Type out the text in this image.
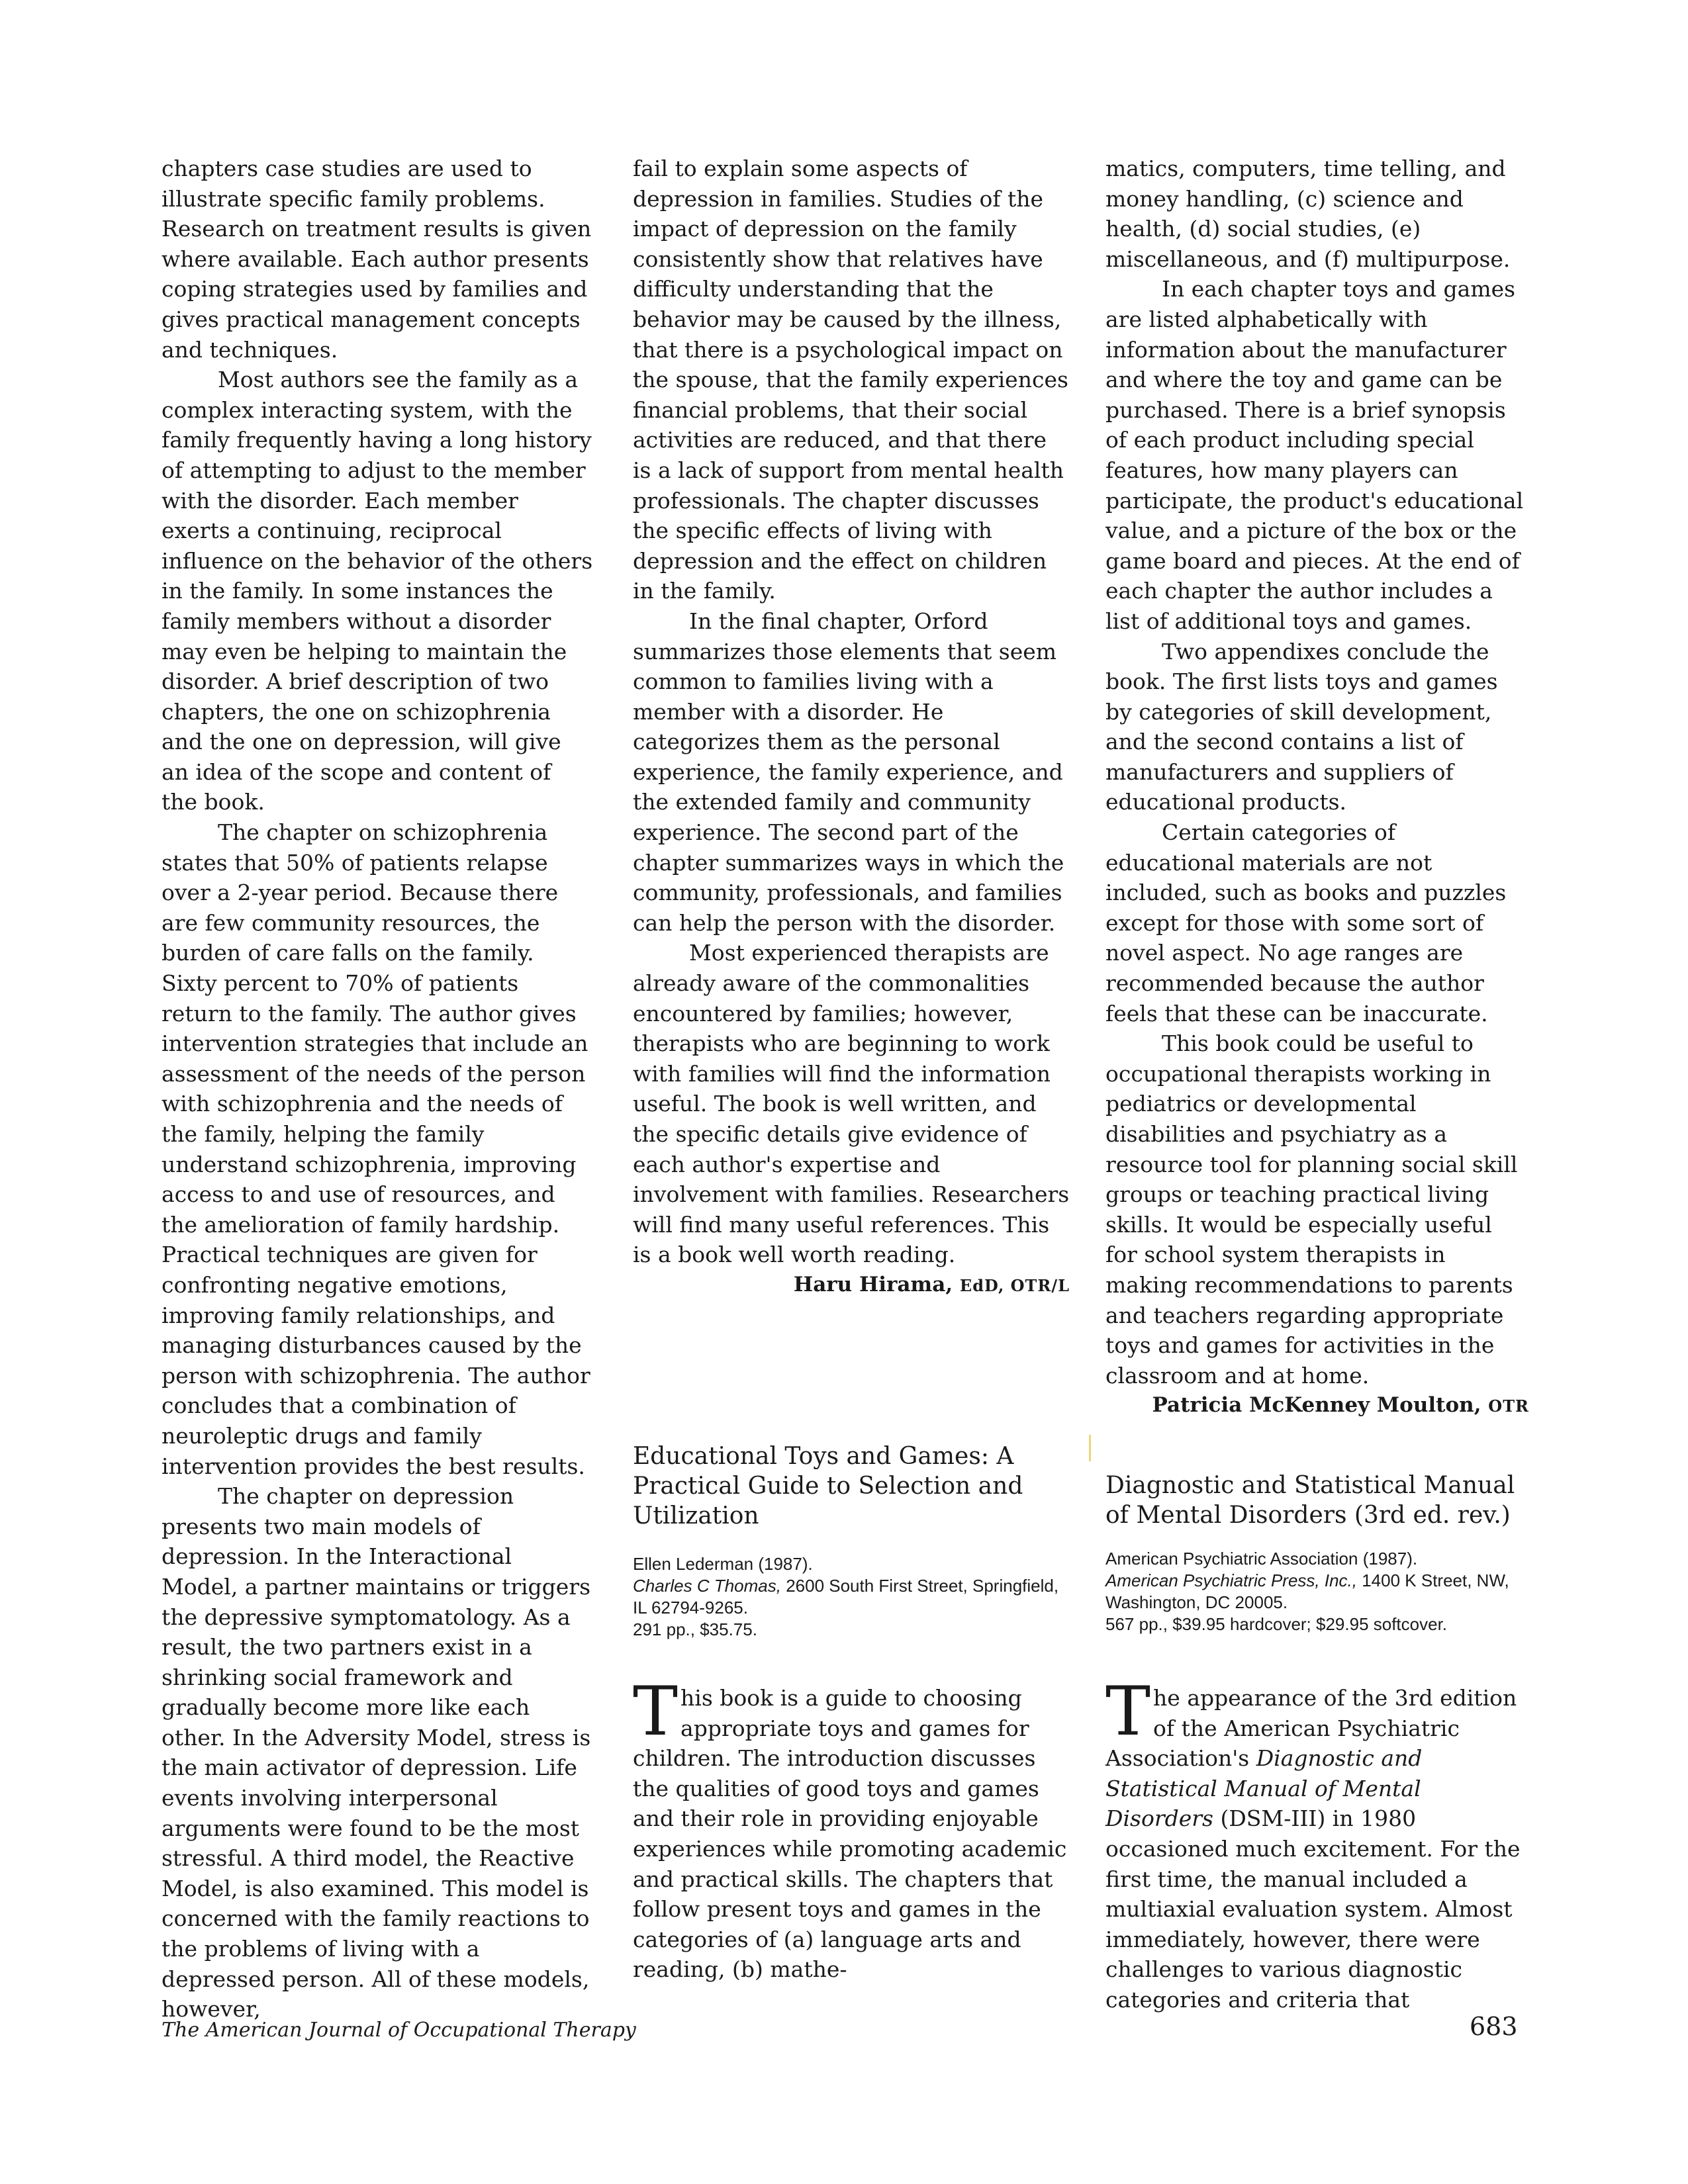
chapters case studies are used to illustrate specific family problems. Research on treatment results is given where available. Each author presents coping strategies used by families and gives practical management concepts and techniques.

Most authors see the family as a complex interacting system, with the family frequently having a long history of attempting to adjust to the member with the disorder. Each member exerts a continuing, reciprocal influence on the behavior of the others in the family. In some instances the family members without a disorder may even be helping to maintain the disorder. A brief description of two chapters, the one on schizophrenia and the one on depression, will give an idea of the scope and content of the book.

The chapter on schizophrenia states that 50% of patients relapse over a 2-year period. Because there are few community resources, the burden of care falls on the family. Sixty percent to 70% of patients return to the family. The author gives intervention strategies that include an assessment of the needs of the person with schizophrenia and the needs of the family, helping the family understand schizophrenia, improving access to and use of resources, and the amelioration of family hardship. Practical techniques are given for confronting negative emotions, improving family relationships, and managing disturbances caused by the person with schizophrenia. The author concludes that a combination of neuroleptic drugs and family intervention provides the best results.

The chapter on depression presents two main models of depression. In the Interactional Model, a partner maintains or triggers the depressive symptomatology. As a result, the two partners exist in a shrinking social framework and gradually become more like each other. In the Adversity Model, stress is the main activator of depression. Life events involving interpersonal arguments were found to be the most stressful. A third model, the Reactive Model, is also examined. This model is concerned with the family reactions to the problems of living with a depressed person. All of these models, however,

fail to explain some aspects of depression in families. Studies of the impact of depression on the family consistently show that relatives have difficulty understanding that the behavior may be caused by the illness, that there is a psychological impact on the spouse, that the family experiences financial problems, that their social activities are reduced, and that there is a lack of support from mental health professionals. The chapter discusses the specific effects of living with depression and the effect on children in the family.

In the final chapter, Orford summarizes those elements that seem common to families living with a member with a disorder. He categorizes them as the personal experience, the family experience, and the extended family and community experience. The second part of the chapter summarizes ways in which the community, professionals, and families can help the person with the disorder.

Most experienced therapists are already aware of the commonalities encountered by families; however, therapists who are beginning to work with families will find the information useful. The book is well written, and the specific details give evidence of each author's expertise and involvement with families. Researchers will find many useful references. This is a book well worth reading.

Haru Hirama, EdD, OTR/L

Educational Toys and Games: A Practical Guide to Selection and Utilization

Ellen Lederman (1987).

Charles C Thomas, 2600 South First Street, Springfield, IL 62794-9265.

291 pp., $35.75.

This book is a guide to choosing appropriate toys and games for children. The introduction discusses the qualities of good toys and games and their role in providing enjoyable experiences while promoting academic and practical skills. The chapters that follow present toys and games in the categories of (a) language arts and reading, (b) mathe-

matics, computers, time telling, and money handling, (c) science and health, (d) social studies, (e) miscellaneous, and (f) multipurpose.

In each chapter toys and games are listed alphabetically with information about the manufacturer and where the toy and game can be purchased. There is a brief synopsis of each product including special features, how many players can participate, the product's educational value, and a picture of the box or the game board and pieces. At the end of each chapter the author includes a list of additional toys and games.

Two appendixes conclude the book. The first lists toys and games by categories of skill development, and the second contains a list of manufacturers and suppliers of educational products.

Certain categories of educational materials are not included, such as books and puzzles except for those with some sort of novel aspect. No age ranges are recommended because the author feels that these can be inaccurate.

This book could be useful to occupational therapists working in pediatrics or developmental disabilities and psychiatry as a resource tool for planning social skill groups or teaching practical living skills. It would be especially useful for school system therapists in making recommendations to parents and teachers regarding appropriate toys and games for activities in the classroom and at home.

Patricia McKenney Moulton, OTR

Diagnostic and Statistical Manual of Mental Disorders (3rd ed. rev.)

American Psychiatric Association (1987).

American Psychiatric Press, Inc., 1400 K Street, NW, Washington, DC 20005.

567 pp., $39.95 hardcover; $29.95 softcover.

The appearance of the 3rd edition of the American Psychiatric Association's Diagnostic and Statistical Manual of Mental Disorders (DSM-III) in 1980 occasioned much excitement. For the first time, the manual included a multiaxial evaluation system. Almost immediately, however, there were challenges to various diagnostic categories and criteria that

The American Journal of Occupational Therapy	683
